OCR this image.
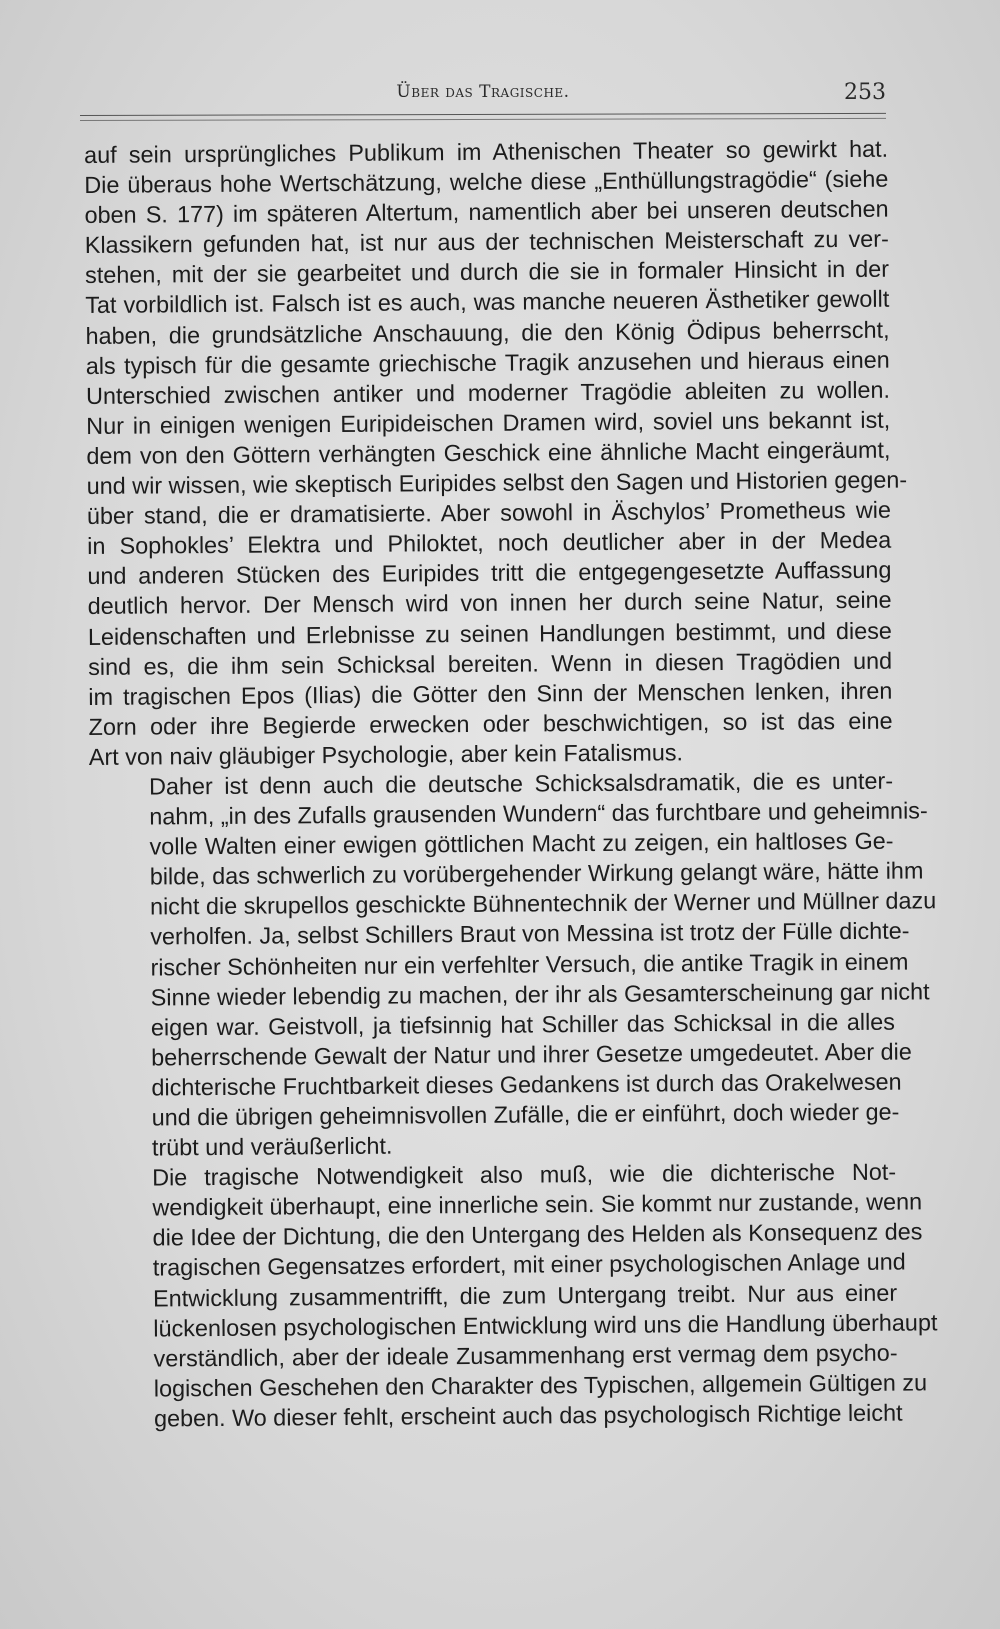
Über das Tragische.	253

auf sein ursprüngliches Publikum im Athenischen Theater so gewirkt hat.
Die überaus hohe Wertschätzung, welche diese „Enthüllungstragödie“ (siehe
oben S. 177) im späteren Altertum, namentlich aber bei unseren deutschen
Klassikern gefunden hat, ist nur aus der technischen Meisterschaft zu ver-
stehen, mit der sie gearbeitet und durch die sie in formaler Hinsicht in der
Tat vorbildlich ist. Falsch ist es auch, was manche neueren Ästhetiker gewollt
haben, die grundsätzliche Anschauung, die den König Ödipus beherrscht,
als typisch für die gesamte griechische Tragik anzusehen und hieraus einen
Unterschied zwischen antiker und moderner Tragödie ableiten zu wollen.
Nur in einigen wenigen Euripideischen Dramen wird, soviel uns bekannt ist,
dem von den Göttern verhängten Geschick eine ähnliche Macht eingeräumt,
und wir wissen, wie skeptisch Euripides selbst den Sagen und Historien gegen-
über stand, die er dramatisierte. Aber sowohl in Äschylos’ Prometheus wie
in Sophokles’ Elektra und Philoktet, noch deutlicher aber in der Medea
und anderen Stücken des Euripides tritt die entgegengesetzte Auffassung
deutlich hervor. Der Mensch wird von innen her durch seine Natur, seine
Leidenschaften und Erlebnisse zu seinen Handlungen bestimmt, und diese
sind es, die ihm sein Schicksal bereiten. Wenn in diesen Tragödien und
im tragischen Epos (Ilias) die Götter den Sinn der Menschen lenken, ihren
Zorn oder ihre Begierde erwecken oder beschwichtigen, so ist das eine
Art von naiv gläubiger Psychologie, aber kein Fatalismus.

Daher ist denn auch die deutsche Schicksalsdramatik, die es unter-
nahm, „in des Zufalls grausenden Wundern“ das furchtbare und geheimnis-
volle Walten einer ewigen göttlichen Macht zu zeigen, ein haltloses Ge-
bilde, das schwerlich zu vorübergehender Wirkung gelangt wäre, hätte ihm
nicht die skrupellos geschickte Bühnentechnik der Werner und Müllner dazu
verholfen. Ja, selbst Schillers Braut von Messina ist trotz der Fülle dichte-
rischer Schönheiten nur ein verfehlter Versuch, die antike Tragik in einem
Sinne wieder lebendig zu machen, der ihr als Gesamterscheinung gar nicht
eigen war. Geistvoll, ja tiefsinnig hat Schiller das Schicksal in die alles
beherrschende Gewalt der Natur und ihrer Gesetze umgedeutet. Aber die
dichterische Fruchtbarkeit dieses Gedankens ist durch das Orakelwesen
und die übrigen geheimnisvollen Zufälle, die er einführt, doch wieder ge-
trübt und veräußerlicht.

Die tragische Notwendigkeit also muß, wie die dichterische Not-
wendigkeit überhaupt, eine innerliche sein. Sie kommt nur zustande, wenn
die Idee der Dichtung, die den Untergang des Helden als Konsequenz des
tragischen Gegensatzes erfordert, mit einer psychologischen Anlage und
Entwicklung zusammentrifft, die zum Untergang treibt. Nur aus einer
lückenlosen psychologischen Entwicklung wird uns die Handlung überhaupt
verständlich, aber der ideale Zusammenhang erst vermag dem psycho-
logischen Geschehen den Charakter des Typischen, allgemein Gültigen zu
geben. Wo dieser fehlt, erscheint auch das psychologisch Richtige leicht
